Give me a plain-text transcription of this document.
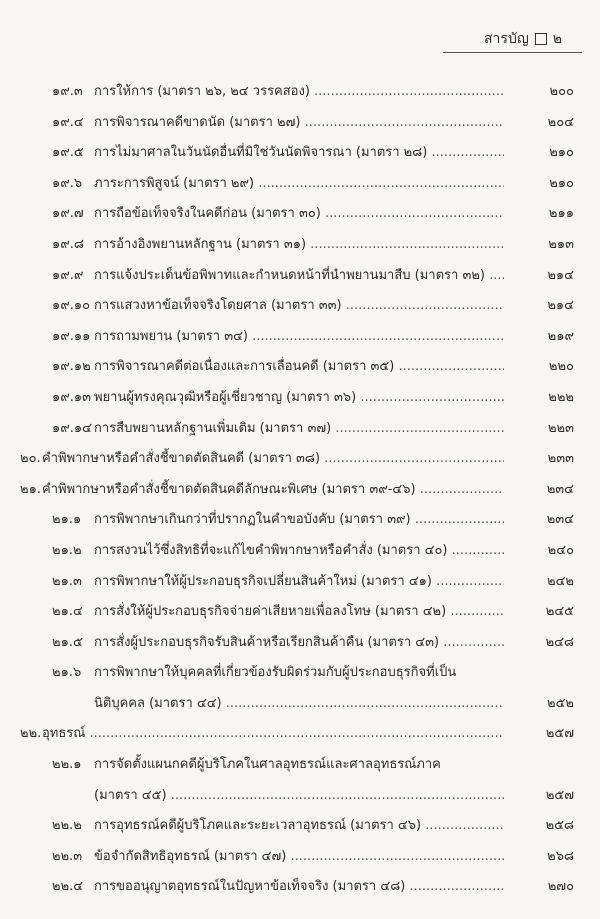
สารบัญ ๒
๑๙.๓ การให้การ (มาตรา ๒๖, ๒๔ วรรคสอง) .....	๒๐๐
๑๙.๔ การพิจารณาคดีขาดนัด (มาตรา ๒๗) .....	๒๐๔
๑๙.๕ การไม่มาศาลในวันนัดอื่นที่มิใช่วันนัดพิจารณา (มาตรา ๒๘) .....	๒๑๐
๑๙.๖ ภาระการพิสูจน์ (มาตรา ๒๙) .....	๒๑๐
๑๙.๗ การถือข้อเท็จจริงในคดีก่อน (มาตรา ๓๐) .....	๒๑๑
๑๙.๘ การอ้างอิงพยานหลักฐาน (มาตรา ๓๑) .....	๒๑๓
๑๙.๙ การแจ้งประเด็นข้อพิพาทและกำหนดหน้าที่นำพยานมาสืบ (มาตรา ๓๒) .....	๒๑๔
๑๙.๑๐ การแสวงหาข้อเท็จจริงโดยศาล (มาตรา ๓๓) .....	๒๑๔
๑๙.๑๑ การถามพยาน (มาตรา ๓๔) .....	๒๑๙
๑๙.๑๒ การพิจารณาคดีต่อเนื่องและการเลื่อนคดี (มาตรา ๓๕) .....	๒๒๐
๑๙.๑๓ พยานผู้ทรงคุณวุฒิหรือผู้เชี่ยวชาญ (มาตรา ๓๖) .....	๒๒๒
๑๙.๑๔ การสืบพยานหลักฐานเพิ่มเติม (มาตรา ๓๗) .....	๒๒๓
๒๐. คำพิพากษาหรือคำสั่งชี้ขาดตัดสินคดี (มาตรา ๓๘) .....	๒๓๓
๒๑. คำพิพากษาหรือคำสั่งชี้ขาดตัดสินคดีลักษณะพิเศษ (มาตรา ๓๙-๔๖) .....	๒๓๔
๒๑.๑ การพิพากษาเกินกว่าที่ปรากฏในคำขอบังคับ (มาตรา ๓๙) .....	๒๓๔
๒๑.๒ การสงวนไว้ซึ่งสิทธิที่จะแก้ไขคำพิพากษาหรือคำสั่ง (มาตรา ๔๐) .....	๒๔๐
๒๑.๓ การพิพากษาให้ผู้ประกอบธุรกิจเปลี่ยนสินค้าใหม่ (มาตรา ๔๑) .....	๒๔๒
๒๑.๔ การสั่งให้ผู้ประกอบธุรกิจจ่ายค่าเสียหายเพื่อลงโทษ (มาตรา ๔๒) .....	๒๔๕
๒๑.๕ การสั่งผู้ประกอบธุรกิจรับสินค้าหรือเรียกสินค้าคืน (มาตรา ๔๓) .....	๒๔๘
๒๑.๖ การพิพากษาให้บุคคลที่เกี่ยวข้องรับผิดร่วมกับผู้ประกอบธุรกิจที่เป็น
นิติบุคคล (มาตรา ๔๔) .....	๒๕๒
๒๒. อุทธรณ์ .....	๒๕๗
๒๒.๑ การจัดตั้งแผนกคดีผู้บริโภคในศาลอุทธรณ์และศาลอุทธรณ์ภาค
(มาตรา ๔๕) .....	๒๕๗
๒๒.๒ การอุทธรณ์คดีผู้บริโภคและระยะเวลาอุทธรณ์ (มาตรา ๔๖) .....	๒๕๘
๒๒.๓ ข้อจำกัดสิทธิอุทธรณ์ (มาตรา ๔๗) .....	๒๖๘
๒๒.๔ การขออนุญาตอุทธรณ์ในปัญหาข้อเท็จจริง (มาตรา ๔๘) .....	๒๗๐
